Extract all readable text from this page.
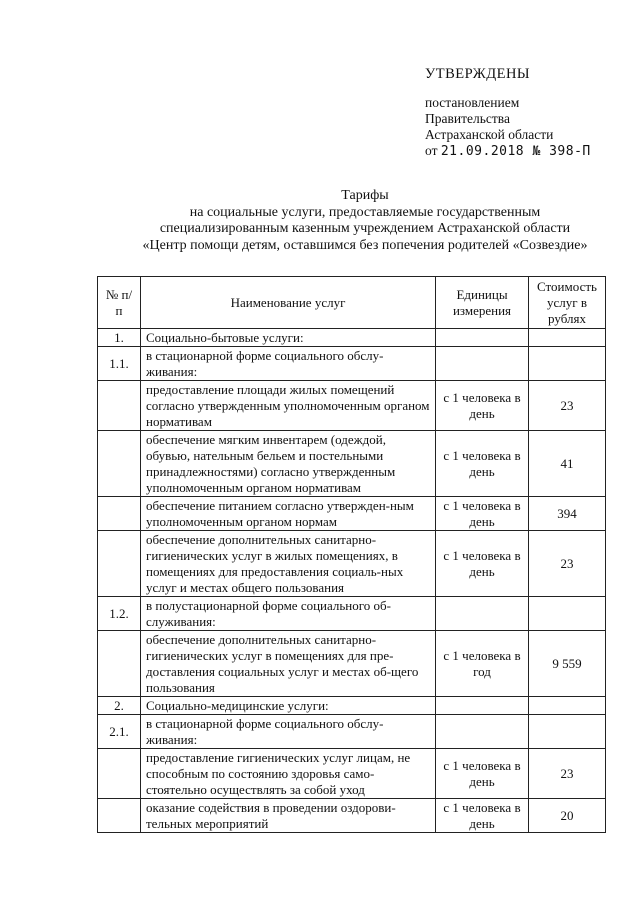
УТВЕРЖДЕНЫ
постановлением
Правительства
Астраханской области
от 21.09.2018 № 398-П
Тарифы
на социальные услуги, предоставляемые государственным
специализированным казенным учреждением Астраханской области
«Центр помощи детям, оставшимся без попечения родителей «Созвездие»
№ п/п	Наименование услуг	Единицы измерения	Стоимость услуг в рублях
1.	Социально-бытовые услуги:		
1.1.	в стационарной форме социального обслу-живания:		
	предоставление площади жилых помещений согласно утвержденным уполномоченным органом нормативам	с 1 человека в день	23
	обеспечение мягким инвентарем (одеждой, обувью, нательным бельем и постельными принадлежностями) согласно утвержденным уполномоченным органом нормативам	с 1 человека в день	41
	обеспечение питанием согласно утвержден-ным уполномоченным органом нормам	с 1 человека в день	394
	обеспечение дополнительных санитарно-гигиенических услуг в жилых помещениях, в помещениях для предоставления социаль-ных услуг и местах общего пользования	с 1 человека в день	23
1.2.	в полустационарной форме социального об-служивания:		
	обеспечение дополнительных санитарно-гигиенических услуг в помещениях для пре-доставления социальных услуг и местах об-щего пользования	с 1 человека в год	9 559
2.	Социально-медицинские услуги:		
2.1.	в стационарной форме социального обслу-живания:		
	предоставление гигиенических услуг лицам, не способным по состоянию здоровья само-стоятельно осуществлять за собой уход	с 1 человека в день	23
	оказание содействия в проведении оздорови-тельных мероприятий	с 1 человека в день	20
